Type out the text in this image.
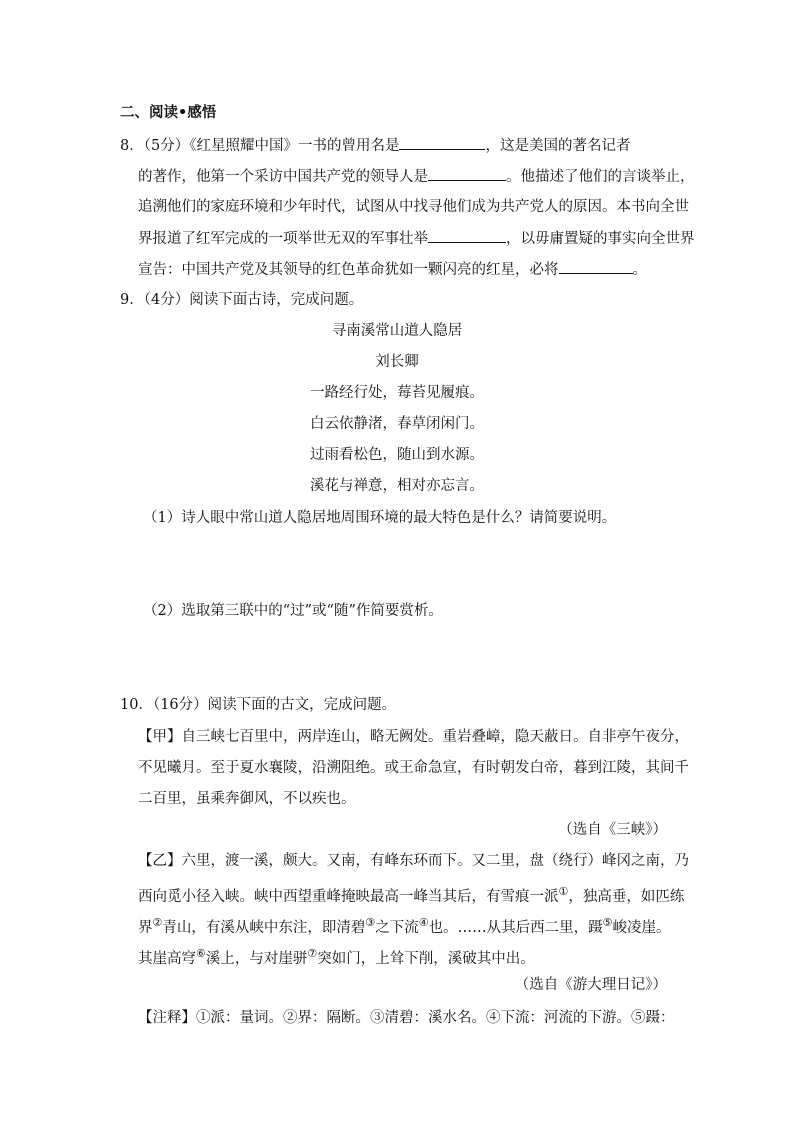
二、阅读•感悟
8．（5分）《红星照耀中国》一书的曾用名是	，这是美国的著名记者
的著作，他第一个采访中国共产党的领导人是	。他描述了他们的言谈举止，
追溯他们的家庭环境和少年时代，试图从中找寻他们成为共产党人的原因。本书向全世
界报道了红军完成的一项举世无双的军事壮举	，以毋庸置疑的事实向全世界
宣告：中国共产党及其领导的红色革命犹如一颗闪亮的红星，必将	。
9．（4分）阅读下面古诗，完成问题。
寻南溪常山道人隐居
刘长卿
一路经行处，莓苔见履痕。
白云依静渚，春草闭闲门。
过雨看松色，随山到水源。
溪花与禅意，相对亦忘言。
（1）诗人眼中常山道人隐居地周围环境的最大特色是什么？请简要说明。
（2）选取第三联中的“过”或“随”作简要赏析。
10．（16分）阅读下面的古文，完成问题。
【甲】自三峡七百里中，两岸连山，略无阙处。重岩叠嶂，隐天蔽日。自非亭午夜分，
不见曦月。至于夏水襄陵，沿溯阻绝。或王命急宣，有时朝发白帝，暮到江陵，其间千
二百里，虽乘奔御风，不以疾也。
（选自《三峡》）
【乙】六里，渡一溪，颇大。又南，有峰东环而下。又二里，盘（绕行）峰冈之南，乃
西向觅小径入峡。峡中西望重峰掩映最高一峰当其后，有雪痕一派①，独高垂，如匹练
界②青山，有溪从峡中东注，即清碧③之下流④也。……从其后西二里，蹑⑤峻凌崖。
其崖高穹⑥溪上，与对崖骈⑦突如门，上耸下削，溪破其中出。
（选自《游大理日记》）
【注释】①派：量词。②界：隔断。③清碧：溪水名。④下流：河流的下游。⑤蹑：
